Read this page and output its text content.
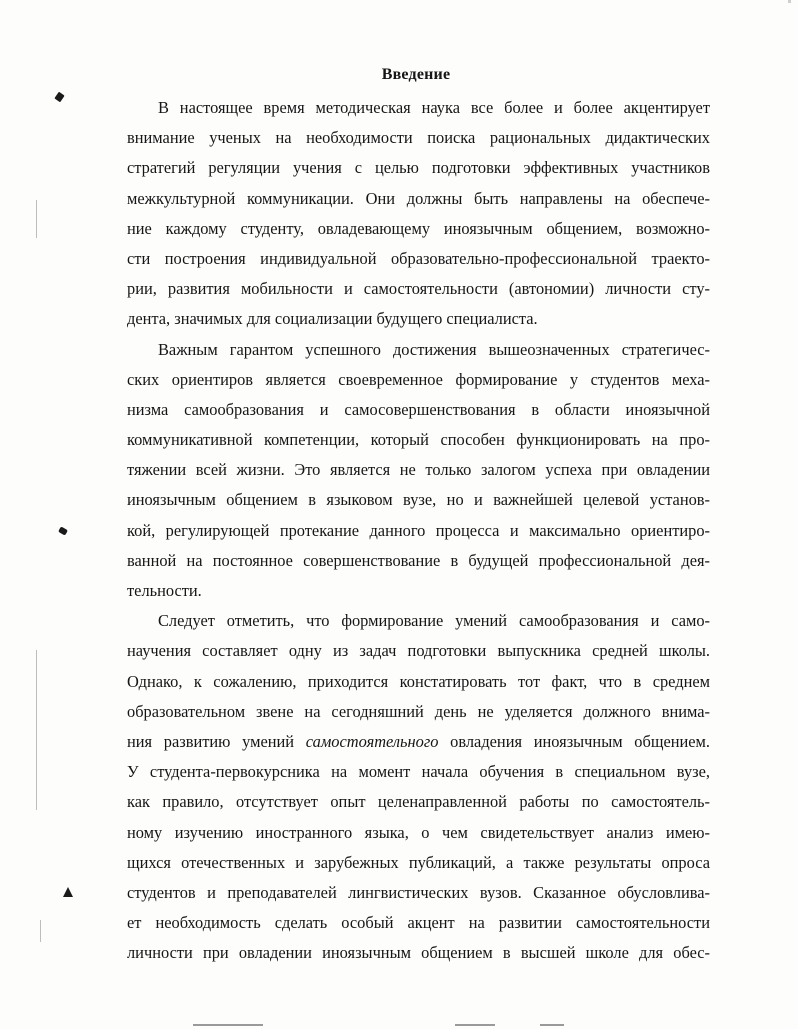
Введение
В настоящее время методическая наука все более и более акцентирует
внимание ученых на необходимости поиска рациональных дидактических
стратегий регуляции учения с целью подготовки эффективных участников
межкультурной коммуникации. Они должны быть направлены на обеспече-
ние каждому студенту, овладевающему иноязычным общением, возможно-
сти построения индивидуальной образовательно-профессиональной траекто-
рии, развития мобильности и самостоятельности (автономии) личности сту-
дента, значимых для социализации будущего специалиста.
Важным гарантом успешного достижения вышеозначенных стратегичес-
ских ориентиров является своевременное формирование у студентов меха-
низма самообразования и самосовершенствования в области иноязычной
коммуникативной компетенции, который способен функционировать на про-
тяжении всей жизни. Это является не только залогом успеха при овладении
иноязычным общением в языковом вузе, но и важнейшей целевой установ-
кой, регулирующей протекание данного процесса и максимально ориентиро-
ванной на постоянное совершенствование в будущей профессиональной дея-
тельности.
Следует отметить, что формирование умений самообразования и само-
научения составляет одну из задач подготовки выпускника средней школы.
Однако, к сожалению, приходится констатировать тот факт, что в среднем
образовательном звене на сегодняшний день не уделяется должного внима-
ния развитию умений самостоятельного овладения иноязычным общением.
У студента-первокурсника на момент начала обучения в специальном вузе,
как правило, отсутствует опыт целенаправленной работы по самостоятель-
ному изучению иностранного языка, о чем свидетельствует анализ имею-
щихся отечественных и зарубежных публикаций, а также результаты опроса
студентов и преподавателей лингвистических вузов. Сказанное обусловлива-
ет необходимость сделать особый акцент на развитии самостоятельности
личности при овладении иноязычным общением в высшей школе для обес-
